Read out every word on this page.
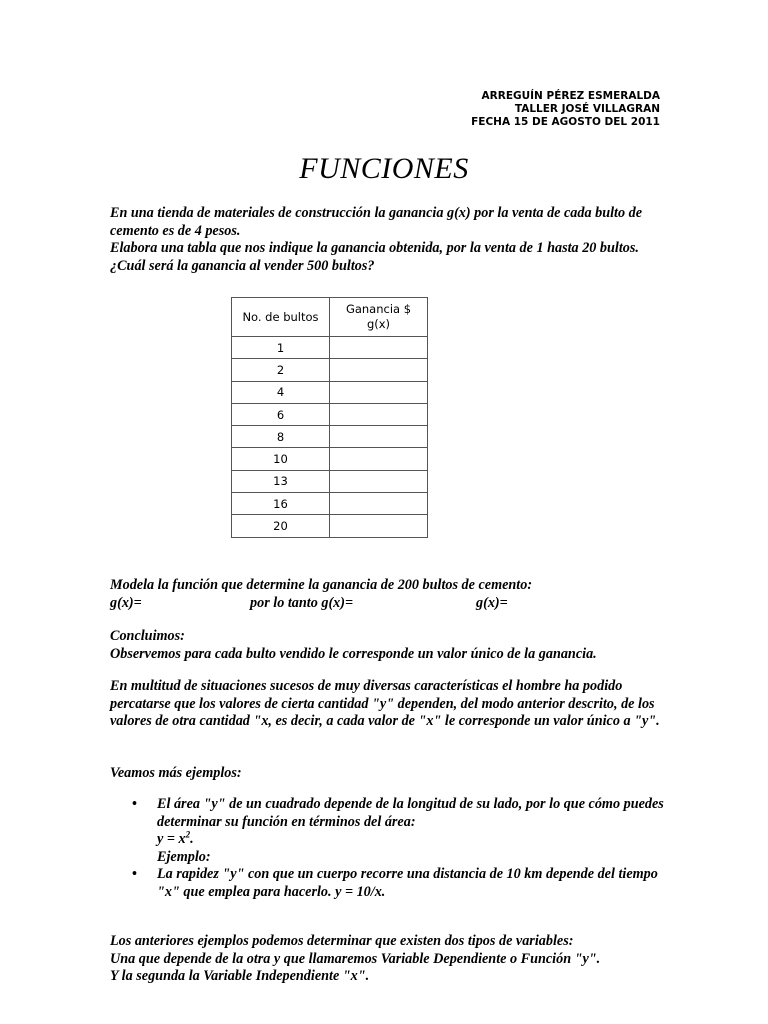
ARREGUÍN PÉREZ ESMERALDA
TALLER JOSÉ VILLAGRAN
FECHA 15 DE AGOSTO DEL 2011
FUNCIONES

En una tienda de materiales de construcción la ganancia g(x) por la venta de cada bulto de cemento es de 4 pesos.

Elabora una tabla que nos indique la ganancia obtenida, por la venta de 1 hasta 20 bultos.

¿Cuál será la ganancia al vender 500 bultos?

No. de bultos	Ganancia $
g(x)

1	
2	
4	
6	
8	
10	
13	
16	
20	

Modela la función que determine la ganancia de 200 bultos de cemento:

g(x)=	por lo tanto g(x)=	g(x)=

Concluimos:

Observemos para cada bulto vendido le corresponde un valor único de la ganancia.

En multitud de situaciones sucesos de muy diversas características el hombre ha podido percatarse que los valores de cierta cantidad "y" dependen, del modo anterior descrito, de los valores de otra cantidad "x, es decir, a cada valor de "x" le corresponde un valor único a "y".

Veamos más ejemplos:

• El área "y" de un cuadrado depende de la longitud de su lado, por lo que cómo puedes determinar su función en términos del área:
$y = x^2$.
Ejemplo:
• La rapidez "y" con que un cuerpo recorre una distancia de 10 km depende del tiempo "x" que emplea para hacerlo. y = 10/x.

Los anteriores ejemplos podemos determinar que existen dos tipos de variables:

Una que depende de la otra y que llamaremos Variable Dependiente o Función "y".

Y la segunda la Variable Independiente "x".
